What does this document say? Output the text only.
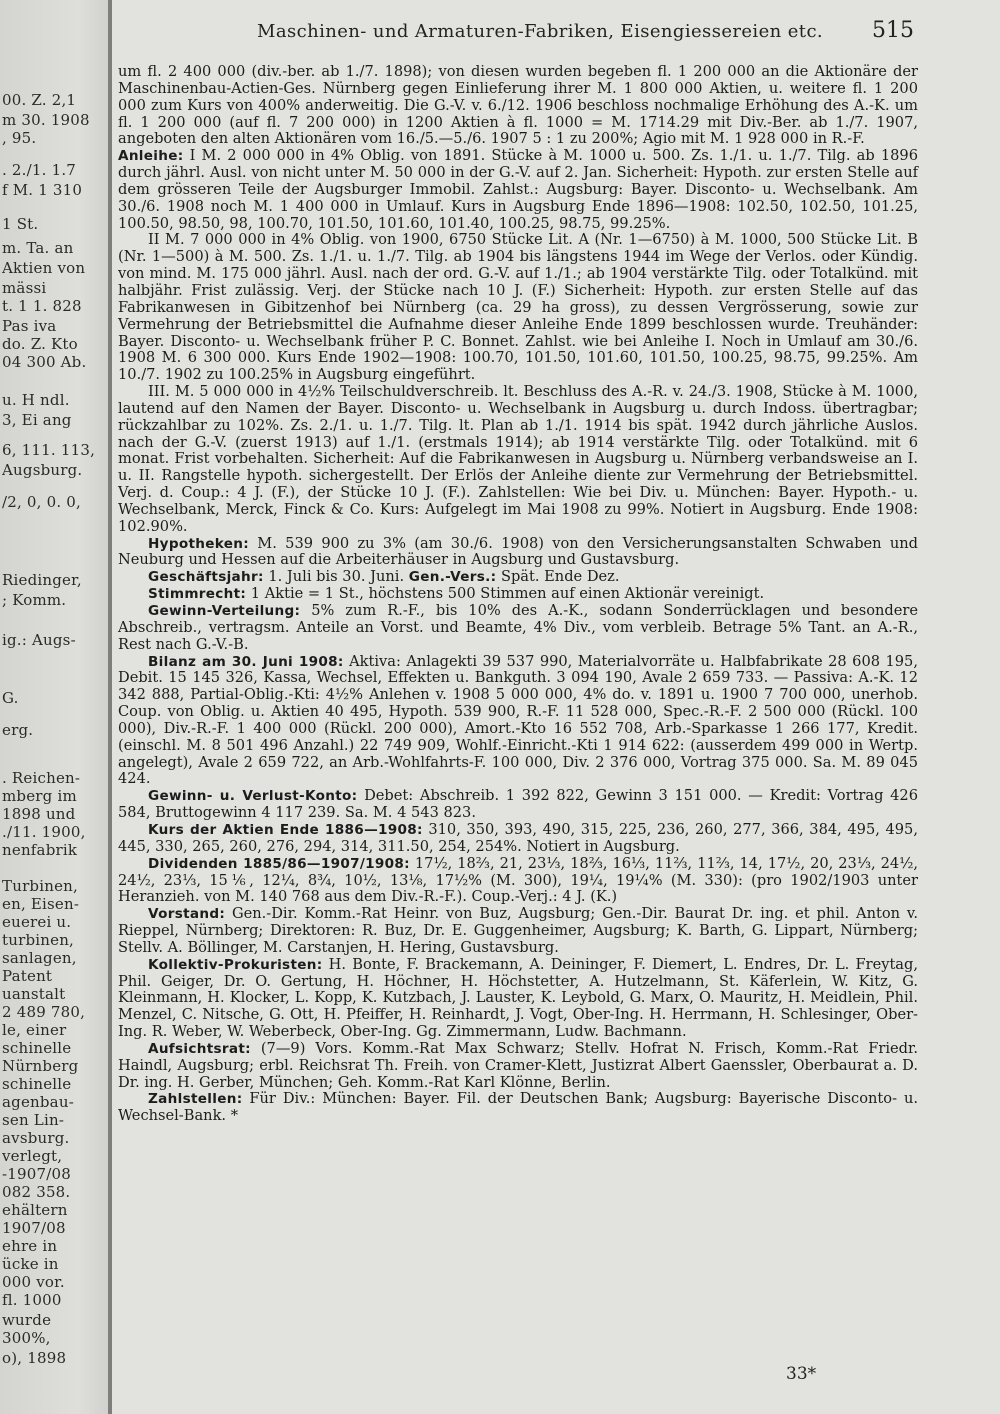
00. Z. 2,1
m 30. 1908
, 95.
. 2./1. 1.7
f M. 1 310
1 St.
m. Ta. an
Aktien von
mässi
t. 1 1. 828
Pas iva
do. Z. Kto
04 300 Ab.
u. H ndl.
3, Ei ang
6, 111. 113,
Augsburg.
/2, 0, 0. 0,
Riedinger,
; Komm.
ig.: Augs-
G.
erg.
. Reichen-
mberg im
1898 und
./11. 1900,
nenfabrik
Turbinen,
en, Eisen-
euerei u.
turbinen,
sanlagen,
Patent
uanstalt
2 489 780,
le, einer
schinelle
Nürnberg
schinelle
agenbau-
sen Lin-
avsburg.
verlegt,
-1907/08
082 358.
ehältern
1907/08
ehre in
ücke in
000 vor.
fl. 1000
wurde
300%,
o), 1898
Maschinen- und Armaturen-Fabriken, Eisengiessereien etc. 515

um fl. 2 400 000 (div.-ber. ab 1./7. 1898); von diesen wurden begeben fl. 1 200 000 an die Aktionäre der Maschinenbau-Actien-Ges. Nürnberg gegen Einlieferung ihrer M. 1 800 000 Aktien, u. weitere fl. 1 200 000 zum Kurs von 400% anderweitig. Die G.-V. v. 6./12. 1906 beschloss nochmalige Erhöhung des A.-K. um fl. 1 200 000 (auf fl. 7 200 000) in 1200 Aktien à fl. 1000 = M. 1714.29 mit Div.-Ber. ab 1./7. 1907, angeboten den alten Aktionären vom 16./5.—5./6. 1907 5 : 1 zu 200%; Agio mit M. 1 928 000 in R.-F.

Anleihe: I M. 2 000 000 in 4% Oblig. von 1891. Stücke à M. 1000 u. 500. Zs. 1./1. u. 1./7. Tilg. ab 1896 durch jährl. Ausl. von nicht unter M. 50 000 in der G.-V. auf 2. Jan. Sicherheit: Hypoth. zur ersten Stelle auf dem grösseren Teile der Augsburger Immobil. Zahlst.: Augsburg: Bayer. Disconto- u. Wechselbank. Am 30./6. 1908 noch M. 1 400 000 in Umlauf. Kurs in Augsburg Ende 1896—1908: 102.50, 102.50, 101.25, 100.50, 98.50, 98, 100.70, 101.50, 101.60, 101.40, 100.25, 98.75, 99.25%.

II M. 7 000 000 in 4% Oblig. von 1900, 6750 Stücke Lit. A (Nr. 1—6750) à M. 1000, 500 Stücke Lit. B (Nr. 1—500) à M. 500. Zs. 1./1. u. 1./7. Tilg. ab 1904 bis längstens 1944 im Wege der Verlos. oder Kündig. von mind. M. 175 000 jährl. Ausl. nach der ord. G.-V. auf 1./1.; ab 1904 verstärkte Tilg. oder Totalkünd. mit halbjähr. Frist zulässig. Verj. der Stücke nach 10 J. (F.) Sicherheit: Hypoth. zur ersten Stelle auf das Fabrikanwesen in Gibitzenhof bei Nürnberg (ca. 29 ha gross), zu dessen Vergrösserung, sowie zur Vermehrung der Betriebsmittel die Aufnahme dieser Anleihe Ende 1899 beschlossen wurde. Treuhänder: Bayer. Disconto- u. Wechselbank früher P. C. Bonnet. Zahlst. wie bei Anleihe I. Noch in Umlauf am 30./6. 1908 M. 6 300 000. Kurs Ende 1902—1908: 100.70, 101.50, 101.60, 101.50, 100.25, 98.75, 99.25%. Am 10./7. 1902 zu 100.25% in Augsburg eingeführt.

III. M. 5 000 000 in 4½% Teilschuldverschreib. lt. Beschluss des A.-R. v. 24./3. 1908, Stücke à M. 1000, lautend auf den Namen der Bayer. Disconto- u. Wechselbank in Augsburg u. durch Indoss. übertragbar; rückzahlbar zu 102%. Zs. 2./1. u. 1./7. Tilg. lt. Plan ab 1./1. 1914 bis spät. 1942 durch jährliche Auslos. nach der G.-V. (zuerst 1913) auf 1./1. (erstmals 1914); ab 1914 verstärkte Tilg. oder Totalkünd. mit 6 monat. Frist vorbehalten. Sicherheit: Auf die Fabrikanwesen in Augsburg u. Nürnberg verbandsweise an I. u. II. Rangstelle hypoth. sichergestellt. Der Erlös der Anleihe diente zur Vermehrung der Betriebsmittel. Verj. d. Coup.: 4 J. (F.), der Stücke 10 J. (F.). Zahlstellen: Wie bei Div. u. München: Bayer. Hypoth.- u. Wechselbank, Merck, Finck & Co. Kurs: Aufgelegt im Mai 1908 zu 99%. Notiert in Augsburg. Ende 1908: 102.90%.

Hypotheken: M. 539 900 zu 3% (am 30./6. 1908) von den Versicherungsanstalten Schwaben und Neuburg und Hessen auf die Arbeiterhäuser in Augsburg und Gustavsburg.

Geschäftsjahr: 1. Juli bis 30. Juni. Gen.-Vers.: Spät. Ende Dez.

Stimmrecht: 1 Aktie = 1 St., höchstens 500 Stimmen auf einen Aktionär vereinigt.

Gewinn-Verteilung: 5% zum R.-F., bis 10% des A.-K., sodann Sonderrücklagen und besondere Abschreib., vertragsm. Anteile an Vorst. und Beamte, 4% Div., vom verbleib. Betrage 5% Tant. an A.-R., Rest nach G.-V.-B.

Bilanz am 30. Juni 1908: Aktiva: Anlagekti 39 537 990, Materialvorräte u. Halbfabrikate 28 608 195, Debit. 15 145 326, Kassa, Wechsel, Effekten u. Bankguth. 3 094 190, Avale 2 659 733. — Passiva: A.-K. 12 342 888, Partial-Oblig.-Kti: 4½% Anlehen v. 1908 5 000 000, 4% do. v. 1891 u. 1900 7 700 000, unerhob. Coup. von Oblig. u. Aktien 40 495, Hypoth. 539 900, R.-F. 11 528 000, Spec.-R.-F. 2 500 000 (Rückl. 100 000), Div.-R.-F. 1 400 000 (Rückl. 200 000), Amort.-Kto 16 552 708, Arb.-Sparkasse 1 266 177, Kredit. (einschl. M. 8 501 496 Anzahl.) 22 749 909, Wohlf.-Einricht.-Kti 1 914 622: (ausserdem 499 000 in Wertp. angelegt), Avale 2 659 722, an Arb.-Wohlfahrts-F. 100 000, Div. 2 376 000, Vortrag 375 000. Sa. M. 89 045 424.

Gewinn- u. Verlust-Konto: Debet: Abschreib. 1 392 822, Gewinn 3 151 000. — Kredit: Vortrag 426 584, Bruttogewinn 4 117 239. Sa. M. 4 543 823.

Kurs der Aktien Ende 1886—1908: 310, 350, 393, 490, 315, 225, 236, 260, 277, 366, 384, 495, 495, 445, 330, 265, 260, 276, 294, 314, 311.50, 254, 254%. Notiert in Augsburg.

Dividenden 1885/86—1907/1908: 17½, 18⅔, 21, 23⅓, 18⅔, 16⅓, 11⅔, 11⅔, 14, 17½, 20, 23⅓, 24½, 24½, 23⅓, 15⅙, 12¼, 8¾, 10½, 13⅛, 17½% (M. 300), 19¼, 19¼% (M. 330): (pro 1902/1903 unter Heranzieh. von M. 140 768 aus dem Div.-R.-F.). Coup.-Verj.: 4 J. (K.)

Vorstand: Gen.-Dir. Komm.-Rat Heinr. von Buz, Augsburg; Gen.-Dir. Baurat Dr. ing. et phil. Anton v. Rieppel, Nürnberg; Direktoren: R. Buz, Dr. E. Guggenheimer, Augsburg; K. Barth, G. Lippart, Nürnberg; Stellv. A. Böllinger, M. Carstanjen, H. Hering, Gustavsburg.

Kollektiv-Prokuristen: H. Bonte, F. Brackemann, A. Deininger, F. Diemert, L. Endres, Dr. L. Freytag, Phil. Geiger, Dr. O. Gertung, H. Höchner, H. Höchstetter, A. Hutzelmann, St. Käferlein, W. Kitz, G. Kleinmann, H. Klocker, L. Kopp, K. Kutzbach, J. Lauster, K. Leybold, G. Marx, O. Mauritz, H. Meidlein, Phil. Menzel, C. Nitsche, G. Ott, H. Pfeiffer, H. Reinhardt, J. Vogt, Ober-Ing. H. Herrmann, H. Schlesinger, Ober-Ing. R. Weber, W. Weberbeck, Ober-Ing. Gg. Zimmermann, Ludw. Bachmann.

Aufsichtsrat: (7—9) Vors. Komm.-Rat Max Schwarz; Stellv. Hofrat N. Frisch, Komm.-Rat Friedr. Haindl, Augsburg; erbl. Reichsrat Th. Freih. von Cramer-Klett, Justizrat Albert Gaenssler, Oberbaurat a. D. Dr. ing. H. Gerber, München; Geh. Komm.-Rat Karl Klönne, Berlin.

Zahlstellen: Für Div.: München: Bayer. Fil. der Deutschen Bank; Augsburg: Bayerische Disconto- u. Wechsel-Bank. *

33*
